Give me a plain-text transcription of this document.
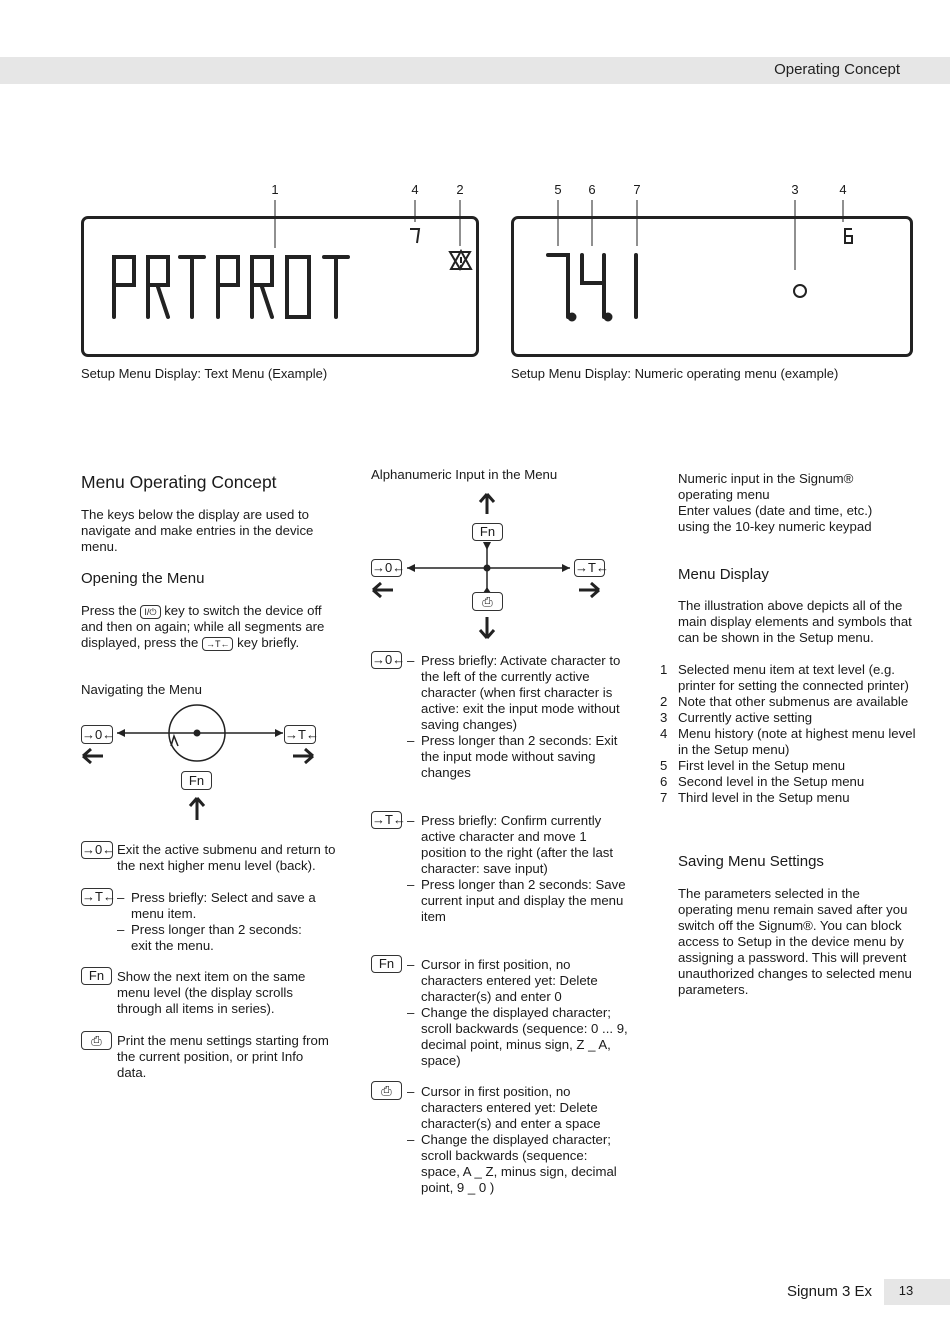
Operating Concept
1	4	2	5	6	7	3	4
Setup Menu Display: Text Menu (Example)	Setup Menu Display: Numeric operating menu (example)
Menu Operating Concept
The keys below the display are used to navigate and make entries in the device menu.
Opening the Menu
Press the I/⏻ key to switch the device off and then on again; while all segments are displayed, press the →T← key briefly.
Navigating the Menu
→0←	→T←
Fn
→0← Exit the active submenu and return to the next higher menu level (back).
→T←	– Press briefly: Select and save a menu item.
– Press longer than 2 seconds: exit the menu.
Fn Show the next item on the same menu level (the display scrolls through all items in series).
⎙	Print the menu settings starting from the current position, or print Info data.
Alphanumeric Input in the Menu
Fn
→0←	→T←
⎙
→0←	– Press briefly: Activate character to the left of the currently active character (when first character is active: exit the input mode without saving changes)
– Press longer than 2 seconds: Exit the input mode without saving changes
→T←	– Press briefly: Confirm currently active character and move 1 position to the right (after the last character: save input)
– Press longer than 2 seconds: Save current input and display the menu item
Fn	– Cursor in first position, no characters entered yet: Delete character(s) and enter 0
– Change the displayed character; scroll backwards (sequence: 0 ... 9, decimal point, minus sign, Z _ A, space)
⎙	– Cursor in first position, no characters entered yet: Delete character(s) and enter a space
– Change the displayed character; scroll backwards (sequence: space, A _ Z, minus sign, decimal point, 9 _ 0 )
Numeric input in the Signum® operating menu
Enter values (date and time, etc.) using the 10-key numeric keypad
Menu Display
The illustration above depicts all of the main display elements and symbols that can be shown in the Setup menu.
1 Selected menu item at text level (e.g. printer for setting the connected printer)
2 Note that other submenus are available
3 Currently active setting
4 Menu history (note at highest menu level in the Setup menu)
5 First level in the Setup menu
6 Second level in the Setup menu
7 Third level in the Setup menu
Saving Menu Settings
The parameters selected in the operating menu remain saved after you switch off the Signum®. You can block access to Setup in the device menu by assigning a password. This will prevent unauthorized changes to selected menu parameters.
Signum 3 Ex	13
